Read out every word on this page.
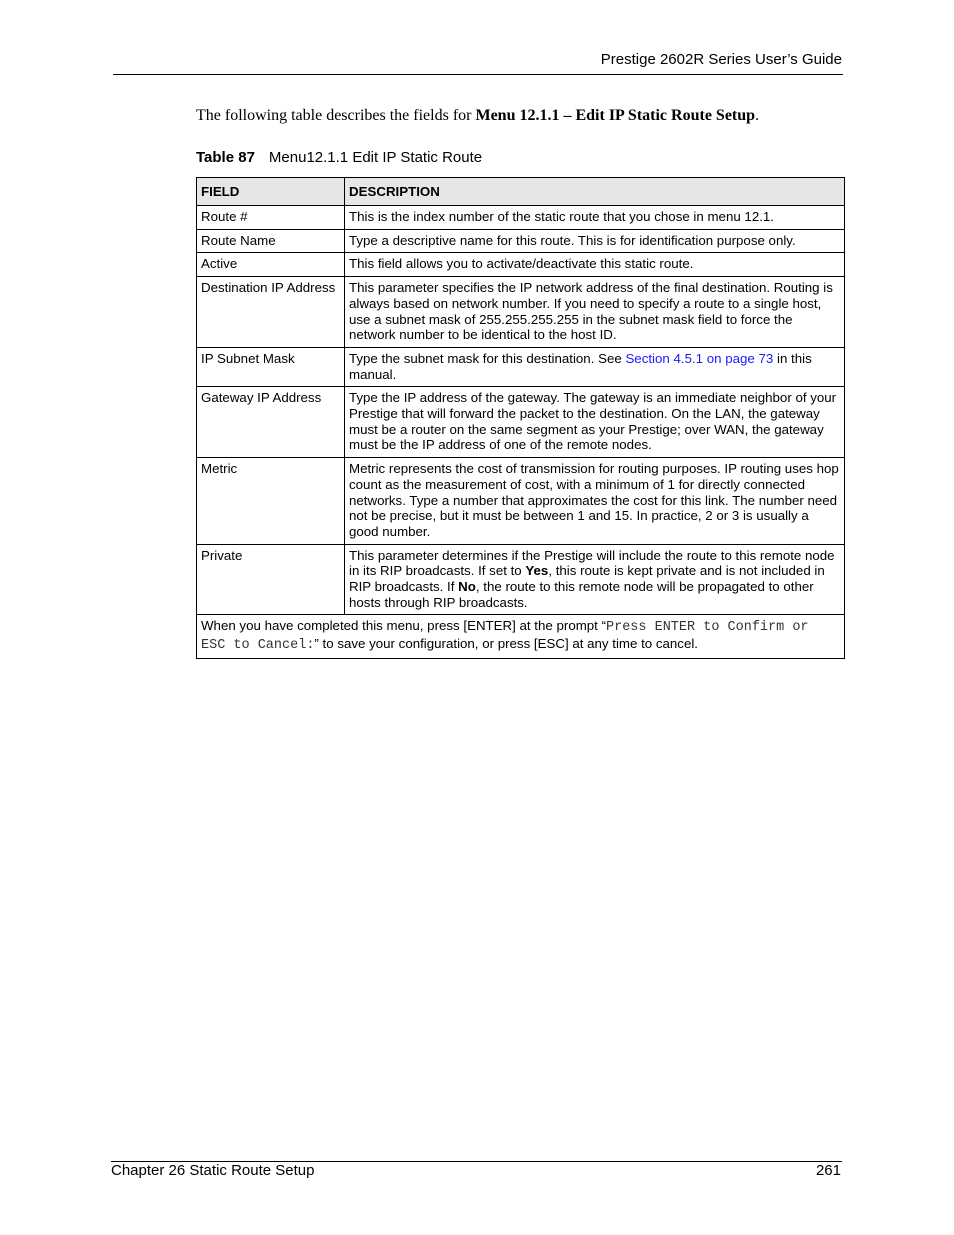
Prestige 2602R Series User’s Guide
The following table describes the fields for Menu 12.1.1 – Edit IP Static Route Setup.
Table 87 Menu12.1.1 Edit IP Static Route
FIELD	DESCRIPTION
Route #	This is the index number of the static route that you chose in menu 12.1.
Route Name	Type a descriptive name for this route. This is for identification purpose only.
Active	This field allows you to activate/deactivate this static route.
Destination IP Address	This parameter specifies the IP network address of the final destination. Routing is always based on network number. If you need to specify a route to a single host, use a subnet mask of 255.255.255.255 in the subnet mask field to force the network number to be identical to the host ID.
IP Subnet Mask	Type the subnet mask for this destination. See Section 4.5.1 on page 73 in this manual.
Gateway IP Address	Type the IP address of the gateway. The gateway is an immediate neighbor of your Prestige that will forward the packet to the destination. On the LAN, the gateway must be a router on the same segment as your Prestige; over WAN, the gateway must be the IP address of one of the remote nodes.
Metric	Metric represents the cost of transmission for routing purposes. IP routing uses hop count as the measurement of cost, with a minimum of 1 for directly connected networks. Type a number that approximates the cost for this link. The number need not be precise, but it must be between 1 and 15. In practice, 2 or 3 is usually a good number.
Private	This parameter determines if the Prestige will include the route to this remote node in its RIP broadcasts. If set to Yes, this route is kept private and is not included in RIP broadcasts. If No, the route to this remote node will be propagated to other hosts through RIP broadcasts.
When you have completed this menu, press [ENTER] at the prompt “Press ENTER to Confirm or ESC to Cancel:” to save your configuration, or press [ESC] at any time to cancel.	
Chapter 26 Static Route Setup	261
